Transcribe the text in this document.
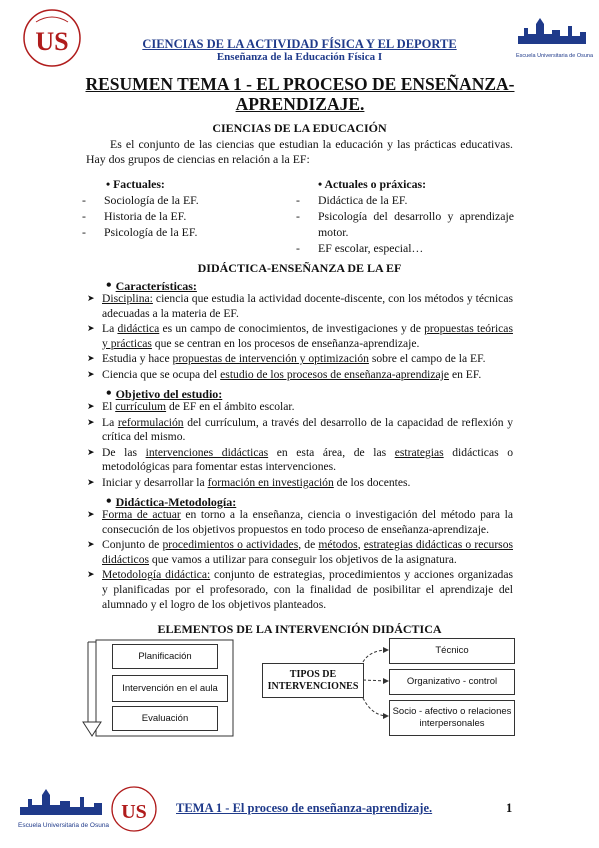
US	Escuela Universitaria de Osuna
CIENCIAS DE LA ACTIVIDAD FÍSICA Y EL DEPORTE
Enseñanza de la Educación Física I
RESUMEN TEMA 1 - EL PROCESO DE ENSEÑANZA-APRENDIZAJE.
CIENCIAS DE LA EDUCACIÓN
Es el conjunto de las ciencias que estudian la educación y las prácticas educativas. Hay dos grupos de ciencias en relación a la EF:
• Factuales:
- Sociología de la EF.
- Historia de la EF.
- Psicología de la EF.
• Actuales o práxicas:
- Didáctica de la EF.
- Psicología del desarrollo y aprendizaje motor.
- EF escolar, especial…
DIDÁCTICA-ENSEÑANZA DE LA EF
• Características:
➤ Disciplina: ciencia que estudia la actividad docente-discente, con los métodos y técnicas adecuadas a la materia de EF.
➤ La didáctica es un campo de conocimientos, de investigaciones y de propuestas teóricas y prácticas que se centran en los procesos de enseñanza-aprendizaje.
➤ Estudia y hace propuestas de intervención y optimización sobre el campo de la EF.
➤ Ciencia que se ocupa del estudio de los procesos de enseñanza-aprendizaje en EF.
• Objetivo del estudio:
➤ El currículum de EF en el ámbito escolar.
➤ La reformulación del currículum, a través del desarrollo de la capacidad de reflexión y crítica del mismo.
➤ De las intervenciones didácticas en esta área, de las estrategias didácticas o metodológicas para fomentar estas intervenciones.
➤ Iniciar y desarrollar la formación en investigación de los docentes.
• Didáctica-Metodología:
➤ Forma de actuar en torno a la enseñanza, ciencia o investigación del método para la consecución de los objetivos propuestos en todo proceso de enseñanza-aprendizaje.
➤ Conjunto de procedimientos o actividades, de métodos, estrategias didácticas o recursos didácticos que vamos a utilizar para conseguir los objetivos de la asignatura.
➤ Metodología didáctica: conjunto de estrategias, procedimientos y acciones organizadas y planificadas por el profesorado, con la finalidad de posibilitar el aprendizaje del alumnado y el logro de los objetivos planteados.
ELEMENTOS DE LA INTERVENCIÓN DIDÁCTICA
Planificación
Intervención en el aula
Evaluación
TIPOS DE INTERVENCIONES
Técnico
Organizativo - control
Socio - afectivo o relaciones interpersonales
Escuela Universitaria de Osuna
US TEMA 1 - El proceso de enseñanza-aprendizaje.	1
